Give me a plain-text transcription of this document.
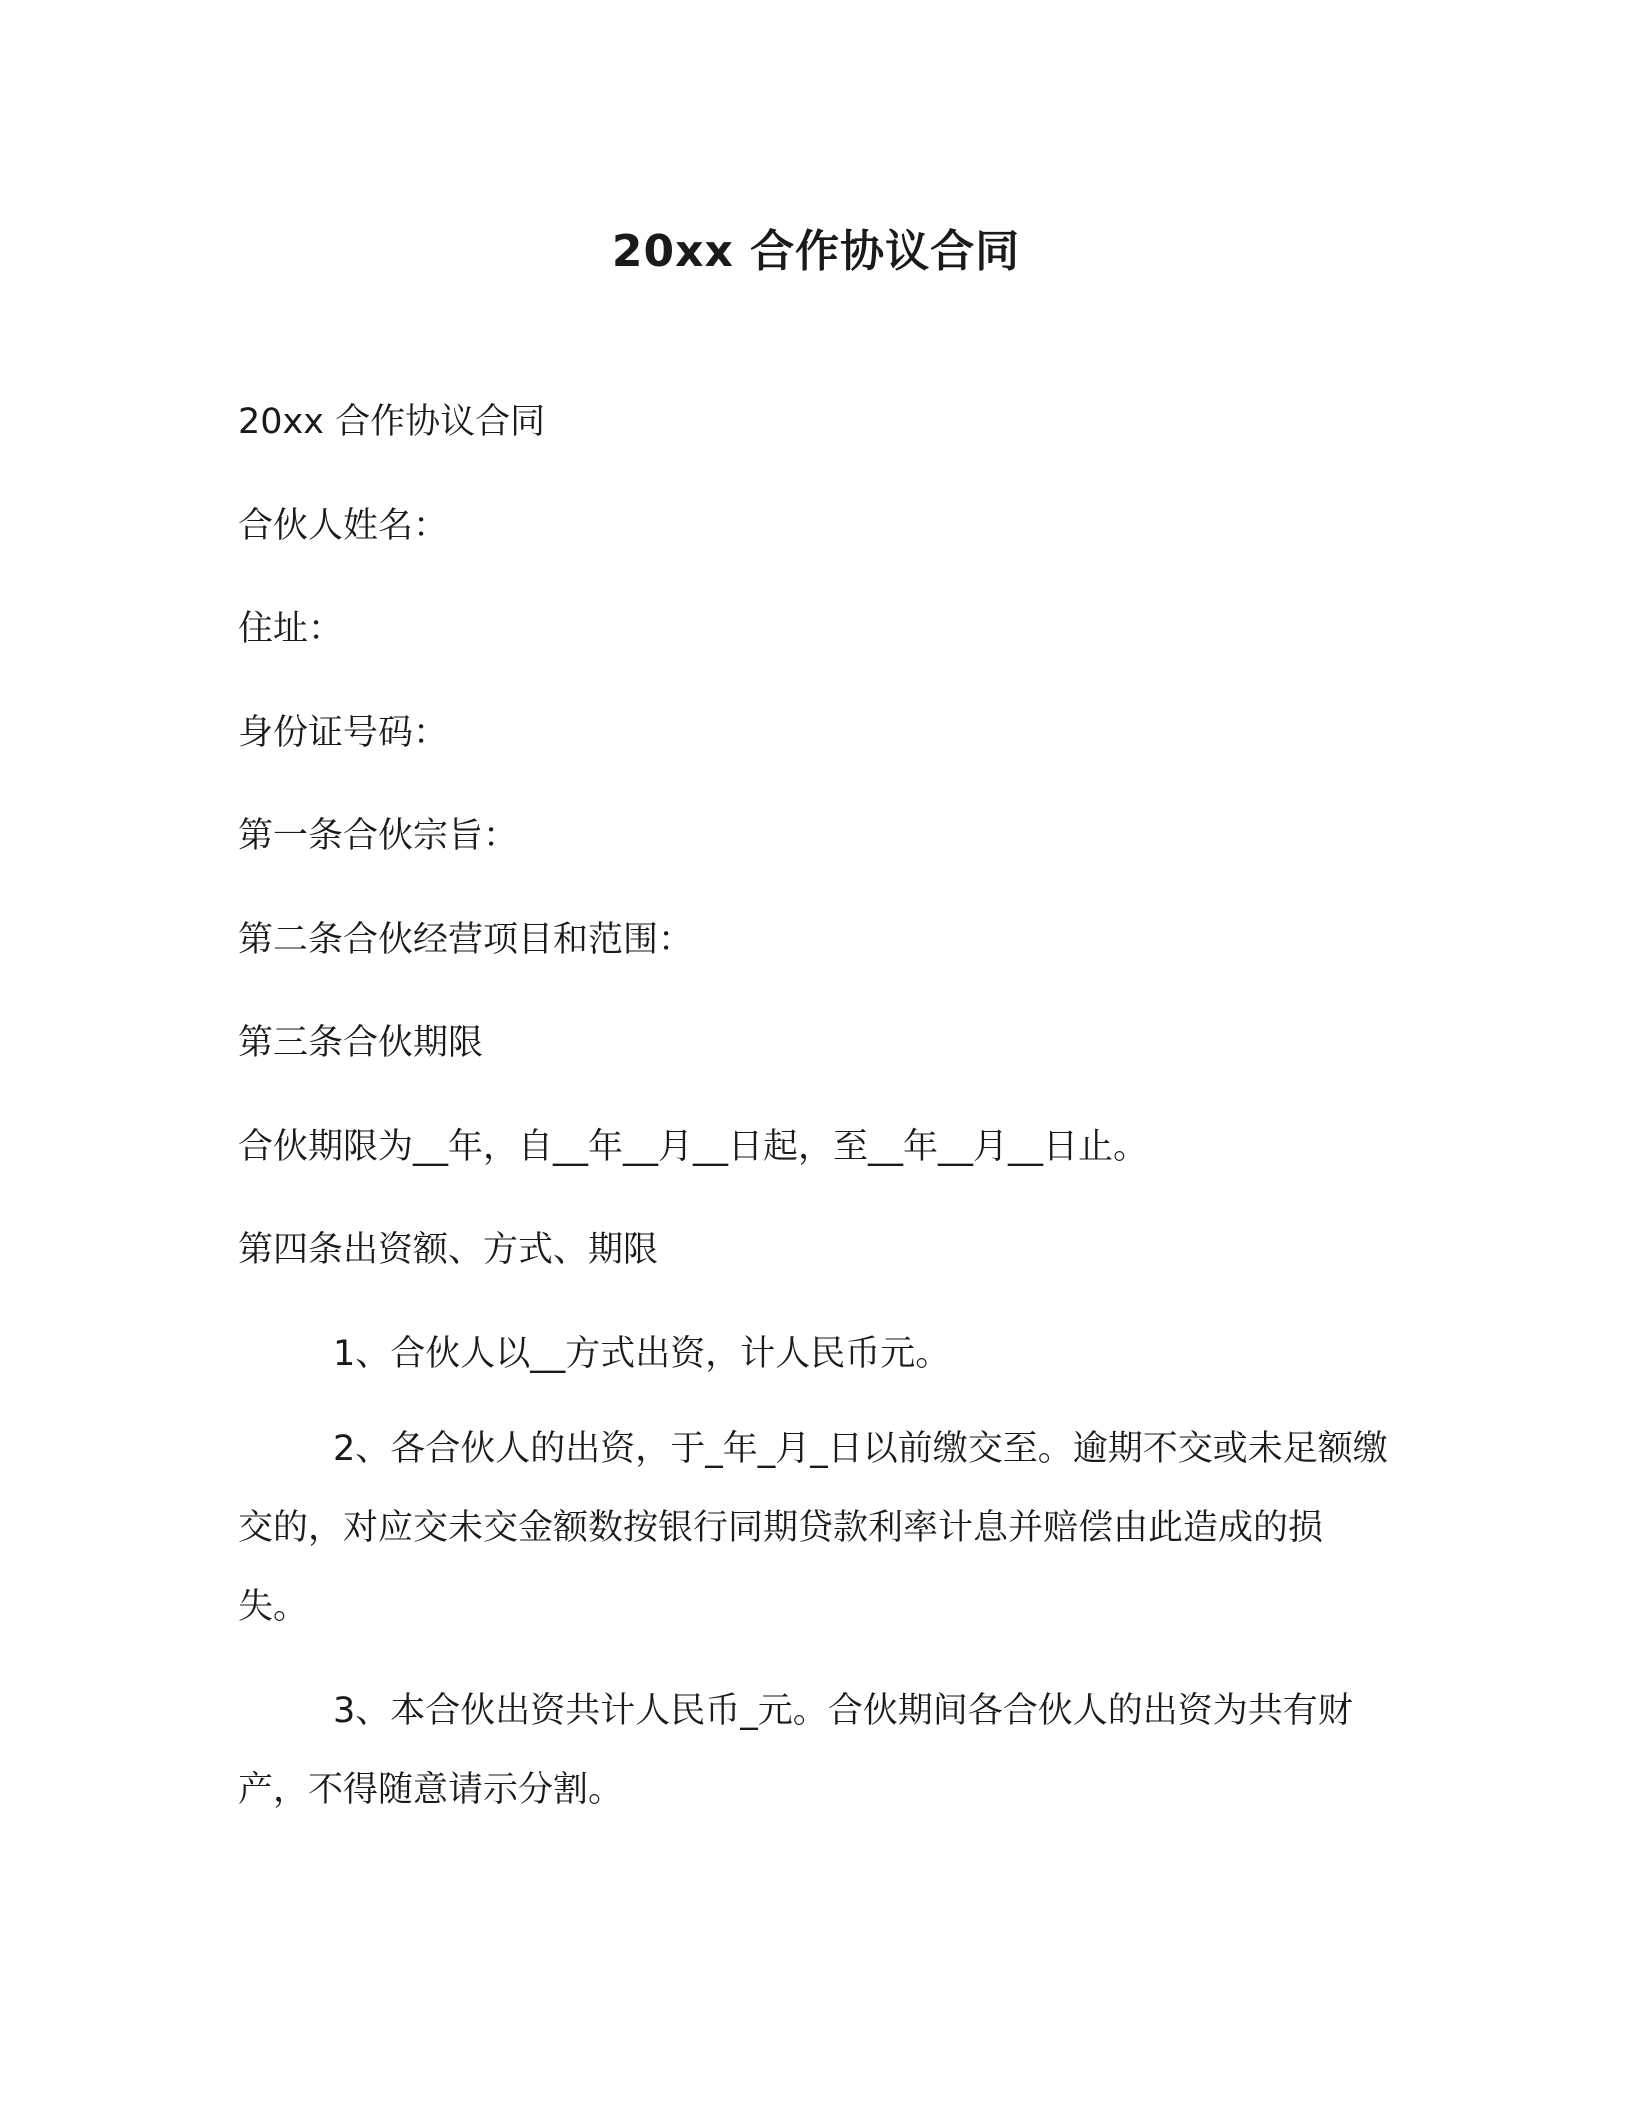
20xx 合作协议合同
20xx 合作协议合同
合伙人姓名：
住址：
身份证号码：
第一条合伙宗旨：
第二条合伙经营项目和范围：
第三条合伙期限
合伙期限为__年，自__年__月__日起，至__年__月__日止。
第四条出资额、方式、期限
1、合伙人以__方式出资，计人民币元。
2、各合伙人的出资，于_年_月_日以前缴交至。逾期不交或未足额缴交的，对应交未交金额数按银行同期贷款利率计息并赔偿由此造成的损失。
3、本合伙出资共计人民币_元。合伙期间各合伙人的出资为共有财产，不得随意请示分割。
